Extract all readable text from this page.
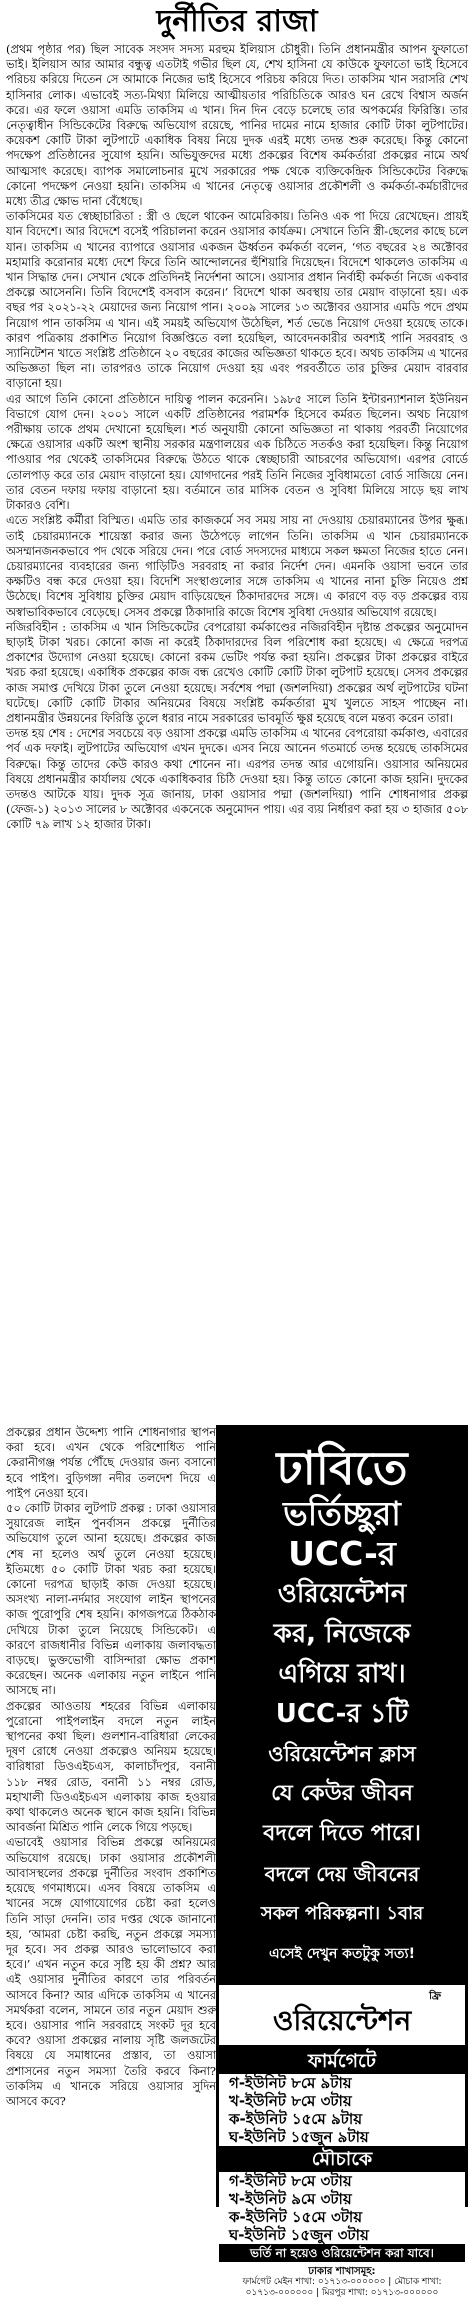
দুর্নীতির রাজা

(প্রথম পৃষ্ঠার পর) ছিল সাবেক সংসদ সদস্য মরহুম ইলিয়াস চৌধুরী। তিনি প্রধানমন্ত্রীর আপন ফুফাতো ভাই। ইলিয়াস আর আমার বন্ধুত্ব এতটাই গভীর ছিল যে, শেখ হাসিনা যে কাউকে ফুফাতো ভাই হিসেবে পরিচয় করিয়ে দিতেন সে আমাকে নিজের ভাই হিসেবে পরিচয় করিয়ে দিত। তাকসিম খান সরাসরি শেখ হাসিনার লোক। এভাবেই সত্য-মিথ্যা মিলিয়ে আত্মীয়তার পরিচিতিকে আরও ঘন রেখে বিশ্বাস অর্জন করে। এর ফলে ওয়াসা এমডি তাকসিম এ খান। দিন দিন বেড়ে চলেছে তার অপকর্মের ফিরিস্তি। তার নেতৃত্বাধীন সিন্ডিকেটের বিরুদ্ধে অভিযোগ রয়েছে, পানির দামের নামে হাজার কোটি টাকা লুটপাটের। কয়েকশ কোটি টাকা লুটপাটে একাধিক বিষয় নিয়ে দুদক এরই মধ্যে তদন্ত শুরু করেছে। কিন্তু কোনো পদক্ষেপ প্রতিষ্ঠানের সুযোগ হয়নি। অভিযুক্তদের মধ্যে প্রকল্পের বিশেষ কর্মকর্তারা প্রকল্পের নামে অর্থ আত্মসাৎ করেছে। ব্যাপক সমালোচনার মুখে সরকারের পক্ষ থেকে ব্যক্তিকেন্দ্রিক সিন্ডিকেটের বিরুদ্ধে কোনো পদক্ষেপ নেওয়া হয়নি। তাকসিম এ খানের নেতৃত্বে ওয়াসার প্রকৌশলী ও কর্মকর্তা-কর্মচারীদের মধ্যে তীব্র ক্ষোভ দানা বেঁধেছে।

তাকসিমের যত স্বেচ্ছাচারিতা : স্ত্রী ও ছেলে থাকেন আমেরিকায়। তিনিও এক পা দিয়ে রেখেছেন। প্রায়ই যান বিদেশে। আর বিদেশে বসেই পরিচালনা করেন ওয়াসার কার্যক্রম। সেখানে তিনি স্ত্রী-ছেলের কাছে চলে যান। তাকসিম এ খানের ব্যাপারে ওয়াসার একজন ঊর্ধ্বতন কর্মকর্তা বলেন, ‘গত বছরের ২৪ অক্টোবর মহামারি করোনার মধ্যে দেশে ফিরে তিনি আন্দোলনের হুঁশিয়ারি দিয়েছেন। বিদেশে থাকলেও তাকসিম এ খান সিদ্ধান্ত দেন। সেখান থেকে প্রতিদিনই নির্দেশনা আসে। ওয়াসার প্রধান নির্বাহী কর্মকর্তা নিজে একবার প্রকল্পে আসেননি। তিনি বিদেশেই বসবাস করেন।’ বিদেশে থাকা অবস্থায় তার মেয়াদ বাড়ানো হয়। এক বছর পর ২০২১-২২ মেয়াদের জন্য নিয়োগ পান। ২০০৯ সালের ১৩ অক্টোবর ওয়াসার এমডি পদে প্রথম নিয়োগ পান তাকসিম এ খান। এই সময়ই অভিযোগ উঠেছিল, শর্ত ভেঙে নিয়োগ দেওয়া হয়েছে তাকে। কারণ পত্রিকায় প্রকাশিত নিয়োগ বিজ্ঞপ্তিতে বলা হয়েছিল, আবেদনকারীর অবশ্যই পানি সরবরাহ ও স্যানিটেশন খাতে সংশ্লিষ্ট প্রতিষ্ঠানে ২০ বছরের কাজের অভিজ্ঞতা থাকতে হবে। অথচ তাকসিম এ খানের অভিজ্ঞতা ছিল না। তারপরও তাকে নিয়োগ দেওয়া হয় এবং পরবর্তীতে তার চুক্তির মেয়াদ বারবার বাড়ানো হয়।

এর আগে তিনি কোনো প্রতিষ্ঠানে দায়িত্ব পালন করেননি। ১৯৮৫ সালে তিনি ইন্টারন্যাশনাল ইউনিয়ন বিভাগে যোগ দেন। ২০০১ সালে একটি প্রতিষ্ঠানের পরামর্শক হিসেবে কর্মরত ছিলেন। অথচ নিয়োগ পরীক্ষায় তাকে প্রথম দেখানো হয়েছিল। শর্ত অনুযায়ী কোনো অভিজ্ঞতা না থাকায় পরবর্তী নিয়োগের ক্ষেত্রে ওয়াসার একটি অংশ স্থানীয় সরকার মন্ত্রণালয়ের এক চিঠিতে সতর্কও করা হয়েছিল। কিন্তু নিয়োগ পাওয়ার পর থেকেই তাকসিমের বিরুদ্ধে উঠতে থাকে স্বেচ্ছাচারী আচরণের অভিযোগ। এরপর বোর্ডে তোলপাড় করে তার মেয়াদ বাড়ানো হয়। যোগদানের পরই তিনি নিজের সুবিধামতো বোর্ড সাজিয়ে নেন। তার বেতন দফায় দফায় বাড়ানো হয়। বর্তমানে তার মাসিক বেতন ও সুবিধা মিলিয়ে সাড়ে ছয় লাখ টাকারও বেশি।

এতে সংশ্লিষ্ট কর্মীরা বিস্মিত। এমডি তার কাজকর্মে সব সময় সায় না দেওয়ায় চেয়ারম্যানের উপর ক্ষুব্ধ। তাই চেয়ারম্যানকে শায়েস্তা করার জন্য উঠেপড়ে লাগেন তিনি। তাকসিম এ খান চেয়ারম্যানকে অসম্মানজনকভাবে পদ থেকে সরিয়ে দেন। পরে বোর্ড সদস্যদের মাধ্যমে সকল ক্ষমতা নিজের হাতে নেন। চেয়ারম্যানের ব্যবহারের জন্য গাড়িটিও সরবরাহ না করার নির্দেশ দেন। এমনকি ওয়াসা ভবনে তার কক্ষটিও বন্ধ করে দেওয়া হয়। বিদেশি সংস্থাগুলোর সঙ্গে তাকসিম এ খানের নানা চুক্তি নিয়েও প্রশ্ন উঠেছে। বিশেষ সুবিধায় চুক্তির মেয়াদ বাড়িয়েছেন ঠিকাদারদের সঙ্গে। এ কারণে বড় বড় প্রকল্পের ব্যয় অস্বাভাবিকভাবে বেড়েছে। সেসব প্রকল্পে ঠিকাদারি কাজে বিশেষ সুবিধা দেওয়ার অভিযোগ রয়েছে।

নজিরবিহীন : তাকসিম এ খান সিন্ডিকেটের বেপরোয়া কর্মকাণ্ডের নজিরবিহীন দৃষ্টান্ত প্রকল্পের অনুমোদন ছাড়াই টাকা খরচ। কোনো কাজ না করেই ঠিকাদারদের বিল পরিশোধ করা হয়েছে। এ ক্ষেত্রে দরপত্র প্রকাশের উদ্যোগ নেওয়া হয়েছে। কোনো রকম ভেটিং পর্যন্ত করা হয়নি। প্রকল্পের টাকা প্রকল্পের বাইরে খরচ করা হয়েছে। একাধিক প্রকল্পের কাজ বন্ধ রেখেও কোটি কোটি টাকা লুটপাট হয়েছে। সেসব প্রকল্পের কাজ সমাপ্ত দেখিয়ে টাকা তুলে নেওয়া হয়েছে। সর্বশেষ পদ্মা (জশলদিয়া) প্রকল্পের অর্থ লুটপাটের ঘটনা ঘটেছে। কোটি কোটি টাকার অনিয়মের বিষয়ে সংশ্লিষ্ট কর্মকর্তারা মুখ খুলতে সাহস পাচ্ছেন না। প্রধানমন্ত্রীর উন্নয়নের ফিরিস্তি তুলে ধরার নামে সরকারের ভাবমূর্তি ক্ষুণ্ণ হয়েছে বলে মন্তব্য করেন তারা।

তদন্ত হয় শেষ : দেশের সবচেয়ে বড় ওয়াসা প্রকল্পে এমডি তাকসিম এ খানের বেপরোয়া কর্মকাণ্ড, এবারের পর্ব এক দফাই। লুটপাটের অভিযোগ এখন দুদকে। এসব নিয়ে আনেন গতমার্চে তদন্ত হয়েছে তাকসিমের বিরুদ্ধে। কিন্তু তাদের কেউ কারও কথা শোনেন না। এরপর তদন্ত আর এগোয়নি। ওয়াসার অনিয়মের বিষয়ে প্রধানমন্ত্রীর কার্যালয় থেকে একাধিকবার চিঠি দেওয়া হয়। কিন্তু তাতে কোনো কাজ হয়নি। দুদকের তদন্তও আটকে যায়। দুদক সূত্র জানায়, ঢাকা ওয়াসার পদ্মা (জশলদিয়া) পানি শোধনাগার প্রকল্প (ফেজ-১) ২০১৩ সালের ৮ অক্টোবর একনেকে অনুমোদন পায়। এর ব্যয় নির্ধারণ করা হয় ৩ হাজার ৫০৮ কোটি ৭৯ লাখ ১২ হাজার টাকা।

প্রকল্পের প্রধান উদ্দেশ্য পানি শোধনাগার স্থাপন করা হবে। এখন থেকে পরিশোধিত পানি কেরানীগঞ্জ পর্যন্ত পৌঁছে দেওয়ার জন্য বসানো হবে পাইপ। বুড়িগঙ্গা নদীর তলদেশ দিয়ে এ পাইপ নেওয়া হবে।

৫০ কোটি টাকার লুটপাট প্রকল্প : ঢাকা ওয়াসার সুয়ারেজ লাইন পুনর্বাসন প্রকল্পে দুর্নীতির অভিযোগ তুলে আনা হয়েছে। প্রকল্পের কাজ শেষ না হলেও অর্থ তুলে নেওয়া হয়েছে। ইতিমধ্যে ৫০ কোটি টাকা খরচ করা হয়েছে। কোনো দরপত্র ছাড়াই কাজ দেওয়া হয়েছে। অসংখ্য নালা-নর্দমার সংযোগ লাইন স্থাপনের কাজ পুরোপুরি শেষ হয়নি। কাগজপত্রে ঠিকঠাক দেখিয়ে টাকা তুলে নিয়েছে সিন্ডিকেট। এ কারণে রাজধানীর বিভিন্ন এলাকায় জলাবদ্ধতা বাড়ছে। ভুক্তভোগী বাসিন্দারা ক্ষোভ প্রকাশ করেছেন। অনেক এলাকায় নতুন লাইনে পানি আসছে না।

প্রকল্পের আওতায় শহরের বিভিন্ন এলাকায় পুরোনো পাইপলাইন বদলে নতুন লাইন স্থাপনের কথা ছিল। গুলশান-বারিধারা লেকের দূষণ রোধে নেওয়া প্রকল্পেও অনিয়ম হয়েছে। বারিধারা ডিওএইচএস, কালাচাঁদপুর, বনানী ১১৮ নম্বর রোড, বনানী ১১ নম্বর রোড, মহাখালী ডিওএইচএস এলাকায় কাজ হওয়ার কথা থাকলেও অনেক স্থানে কাজ হয়নি। বিভিন্ন আবর্জনা মিশ্রিত পানি লেকে গিয়ে পড়ছে।

এভাবেই ওয়াসার বিভিন্ন প্রকল্পে অনিয়মের অভিযোগ রয়েছে। ঢাকা ওয়াসার প্রকৌশলী আবাসস্থলের প্রকল্পে দুর্নীতির সংবাদ প্রকাশিত হয়েছে গণমাধ্যমে। এসব বিষয়ে তাকসিম এ খানের সঙ্গে যোগাযোগের চেষ্টা করা হলেও তিনি সাড়া দেননি। তার দপ্তর থেকে জানানো হয়, ‘আমরা চেষ্টা করছি, নতুন প্রকল্পে সমস্যা দূর হবে। সব প্রকল্প আরও ভালোভাবে করা হবে।’ এখন নতুন করে সৃষ্টি হয় কী প্রশ্ন? আর এই ওয়াসার দুর্নীতির কারণে তার পরিবর্তন আসবে কিনা? আর এদিকে তাকসিম এ খানের সমর্থকরা বলেন, সামনে তার নতুন মেয়াদ শুরু হবে। ওয়াসার পানি সরবরাহে সংকট দূর হবে কবে? ওয়াসা প্রকল্পের নালায় সৃষ্টি জলজটের বিষয়ে যে সমাধানের প্রস্তাব, তা ওয়াসা প্রশাসনের নতুন সমস্যা তৈরি করবে কিনা? তাকসিম এ খানকে সরিয়ে ওয়াসার সুদিন আসবে কবে?

ঢাবিতে
ভর্তিচ্ছুরা
UCC-র
ওরিয়েন্টেশন
কর, নিজেকে
এগিয়ে রাখ।
UCC-র ১টি
ওরিয়েন্টেশন ক্লাস
যে কেউর জীবন
বদলে দিতে পারে।
বদলে দেয় জীবনের
সকল পরিকল্পনা। ১বার
এসেই দেখুন কতটুকু সত্য!
ফ্রি
ওরিয়েন্টেশন
ফার্মগেটে
গ-ইউনিট ৮মে ৯টায়
খ-ইউনিট ৮মে ৩টায়
ক-ইউনিট ১৫মে ৯টায়
ঘ-ইউনিট ১৫জুন ৯টায়
মৌচাকে
গ-ইউনিট ৮মে ৩টায়
খ-ইউনিট ৯মে ৩টায়
ক-ইউনিট ১৫মে ৩টায়
ঘ-ইউনিট ১৫জুন ৩টায়
ভর্তি না হয়েও ওরিয়েন্টেশন করা যাবে।
ঢাকার শাখাসমূহ:
ফার্মগেট মেইন শাখা: ০১৭১৩-০০০০০০ | মৌচাক শাখা: ০১৭১৩-০০০০০০ | মিরপুর শাখা: ০১৭১৩-০০০০০০
